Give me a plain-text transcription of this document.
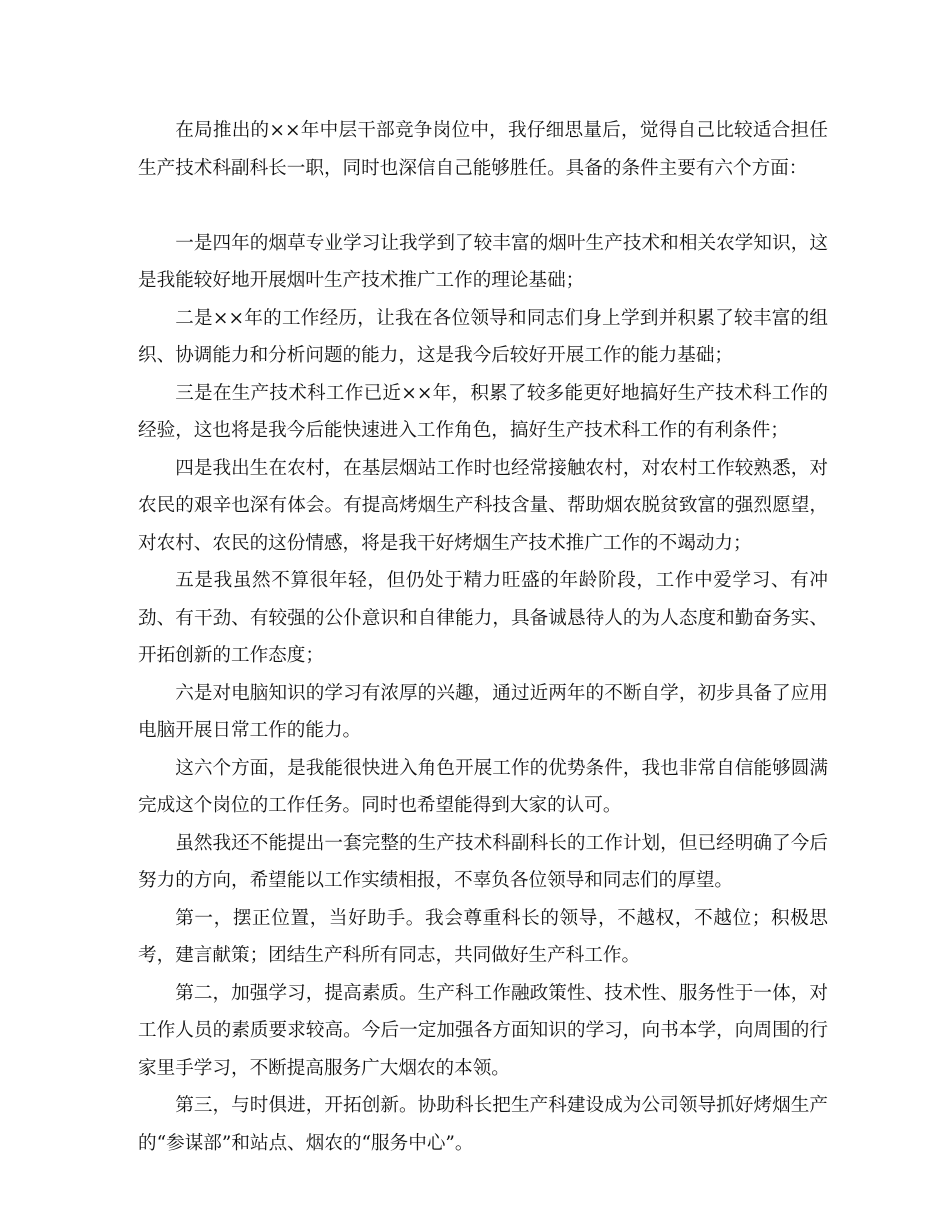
在局推出的××年中层干部竞争岗位中，我仔细思量后，觉得自己比较适合担任生产技术科副科长一职，同时也深信自己能够胜任。具备的条件主要有六个方面：

一是四年的烟草专业学习让我学到了较丰富的烟叶生产技术和相关农学知识，这是我能较好地开展烟叶生产技术推广工作的理论基础；

二是××年的工作经历，让我在各位领导和同志们身上学到并积累了较丰富的组织、协调能力和分析问题的能力，这是我今后较好开展工作的能力基础；

三是在生产技术科工作已近××年，积累了较多能更好地搞好生产技术科工作的经验，这也将是我今后能快速进入工作角色，搞好生产技术科工作的有利条件；

四是我出生在农村，在基层烟站工作时也经常接触农村，对农村工作较熟悉，对农民的艰辛也深有体会。有提高烤烟生产科技含量、帮助烟农脱贫致富的强烈愿望，对农村、农民的这份情感，将是我干好烤烟生产技术推广工作的不竭动力；

五是我虽然不算很年轻，但仍处于精力旺盛的年龄阶段，工作中爱学习、有冲劲、有干劲、有较强的公仆意识和自律能力，具备诚恳待人的为人态度和勤奋务实、开拓创新的工作态度；

六是对电脑知识的学习有浓厚的兴趣，通过近两年的不断自学，初步具备了应用电脑开展日常工作的能力。

这六个方面，是我能很快进入角色开展工作的优势条件，我也非常自信能够圆满完成这个岗位的工作任务。同时也希望能得到大家的认可。

虽然我还不能提出一套完整的生产技术科副科长的工作计划，但已经明确了今后努力的方向，希望能以工作实绩相报，不辜负各位领导和同志们的厚望。

第一，摆正位置，当好助手。我会尊重科长的领导，不越权，不越位；积极思考，建言献策；团结生产科所有同志，共同做好生产科工作。

第二，加强学习，提高素质。生产科工作融政策性、技术性、服务性于一体，对工作人员的素质要求较高。今后一定加强各方面知识的学习，向书本学，向周围的行家里手学习，不断提高服务广大烟农的本领。

第三，与时俱进，开拓创新。协助科长把生产科建设成为公司领导抓好烤烟生产的“参谋部”和站点、烟农的“服务中心”。
